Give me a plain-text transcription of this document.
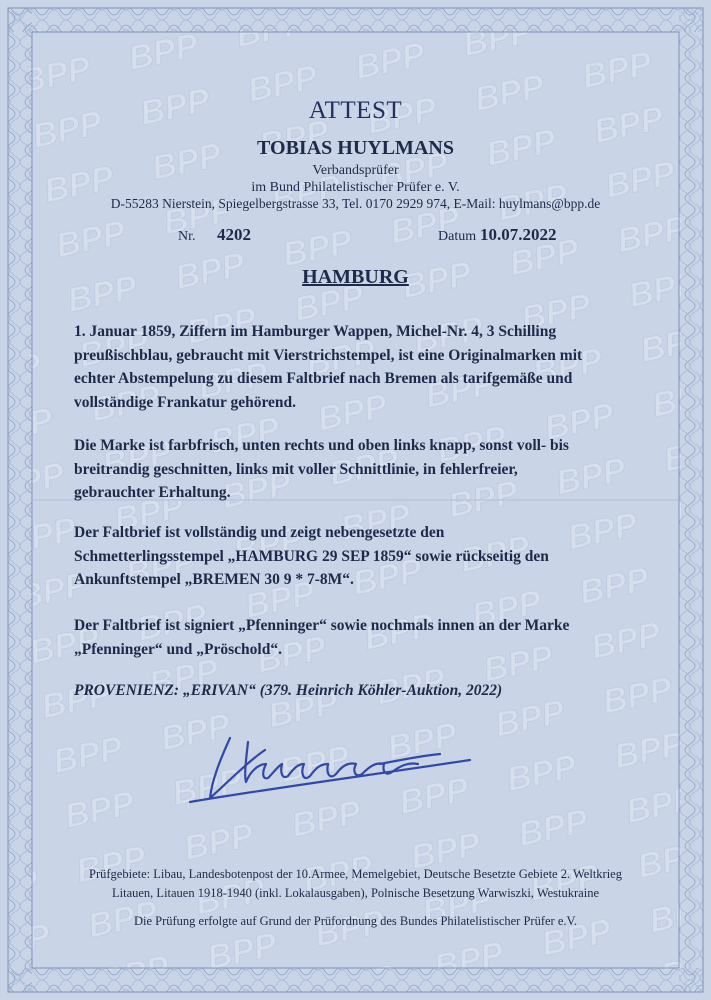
ATTEST
TOBIAS HUYLMANS
Verbandsprüfer
im Bund Philatelistischer Prüfer e. V.
D-55283 Nierstein, Spiegelbergstrasse 33, Tel. 0170 2929 974, E-Mail: huylmans@bpp.de
Nr. 4202	Datum 10.07.2022
HAMBURG
1. Januar 1859, Ziffern im Hamburger Wappen, Michel-Nr. 4, 3 Schilling
preußischblau, gebraucht mit Vierstrichstempel, ist eine Originalmarken mit
echter Abstempelung zu diesem Faltbrief nach Bremen als tarifgemäße und
vollständige Frankatur gehörend.
Die Marke ist farbfrisch, unten rechts und oben links knapp, sonst voll- bis
breitrandig geschnitten, links mit voller Schnittlinie, in fehlerfreier,
gebrauchter Erhaltung.
Der Faltbrief ist vollständig und zeigt nebengesetzte den
Schmetterlingsstempel „HAMBURG 29 SEP 1859“ sowie rückseitig den
Ankunftstempel „BREMEN 30 9 * 7-8M“.
Der Faltbrief ist signiert „Pfenninger“ sowie nochmals innen an der Marke
„Pfenninger“ und „Pröschold“.
PROVENIENZ: „ERIVAN“ (379. Heinrich Köhler-Auktion, 2022)
Prüfgebiete: Libau, Landesbotenpost der 10.Armee, Memelgebiet, Deutsche Besetzte Gebiete 2. Weltkrieg
Litauen, Litauen 1918-1940 (inkl. Lokalausgaben), Polnische Besetzung Warwiszki, Westukraine
Die Prüfung erfolgte auf Grund der Prüfordnung des Bundes Philatelistischer Prüfer e.V.
